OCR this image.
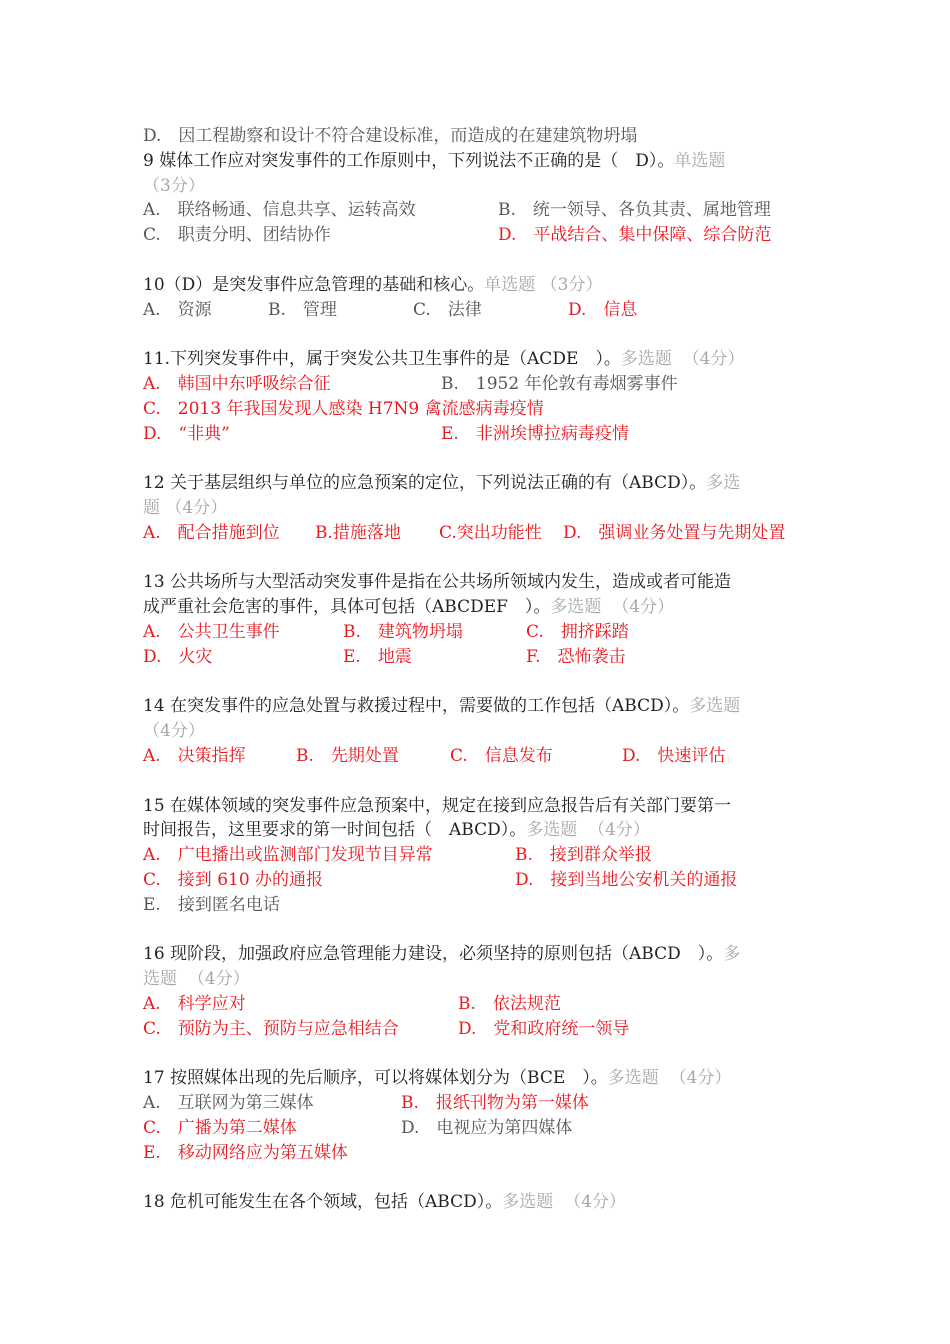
D.　因工程勘察和设计不符合建设标准，而造成的在建建筑物坍塌
9 媒体工作应对突发事件的工作原则中，下列说法不正确的是（　D）。 单选题
（3分）
A.　联络畅通、信息共享、运转高效	B.　统一领导、各负其责、属地管理
C.　职责分明、团结协作	D.　平战结合、集中保障、综合防范
10（D）是突发事件应急管理的基础和核心。 单选题
（3分）
A.　资源	B.　管理	C.　法律	D.　信息
11.下列突发事件中，属于突发公共卫生事件的是（ACDE　）。 多选题
（4分）
A.　韩国中东呼吸综合征	B.　1952 年伦敦有毒烟雾事件
C.　2013 年我国发现人感染 H7N9 禽流感病毒疫情
D.　“非典”	E.　非洲埃博拉病毒疫情
12 关于基层组织与单位的应急预案的定位，下列说法正确的有（ABCD）。 多选
题
（4分）
A.　配合措施到位	B.措施落地	C.突出功能性	D.　强调业务处置与先期处置
13 公共场所与大型活动突发事件是指在公共场所领域内发生，造成或者可能造
成严重社会危害的事件，具体可包括（ABCDEF　）。 多选题
（4分）
A.　公共卫生事件	B.　建筑物坍塌	C.　拥挤踩踏
D.　火灾	E.　地震	F.　恐怖袭击
14 在突发事件的应急处置与救援过程中，需要做的工作包括（ABCD）。 多选题
（4分）
A.　决策指挥	B.　先期处置	C.　信息发布	D.　快速评估
15 在媒体领域的突发事件应急预案中，规定在接到应急报告后有关部门要第一
时间报告，这里要求的第一时间包括（　ABCD）。 多选题
（4分）
A.　广电播出或监测部门发现节目异常	B.　接到群众举报
C.　接到 610 办的通报	D.　接到当地公安机关的通报
E.　接到匿名电话
16 现阶段，加强政府应急管理能力建设，必须坚持的原则包括（ABCD　）。 多
选题
（4分）
A.　科学应对	B.　依法规范
C.　预防为主、预防与应急相结合	D.　党和政府统一领导
17 按照媒体出现的先后顺序，可以将媒体划分为（BCE　）。 多选题
（4分）
A.　互联网为第三媒体	B.　报纸刊物为第一媒体
C.　广播为第二媒体	D.　电视应为第四媒体
E.　移动网络应为第五媒体
18 危机可能发生在各个领域，包括（ABCD）。 多选题
（4分）
